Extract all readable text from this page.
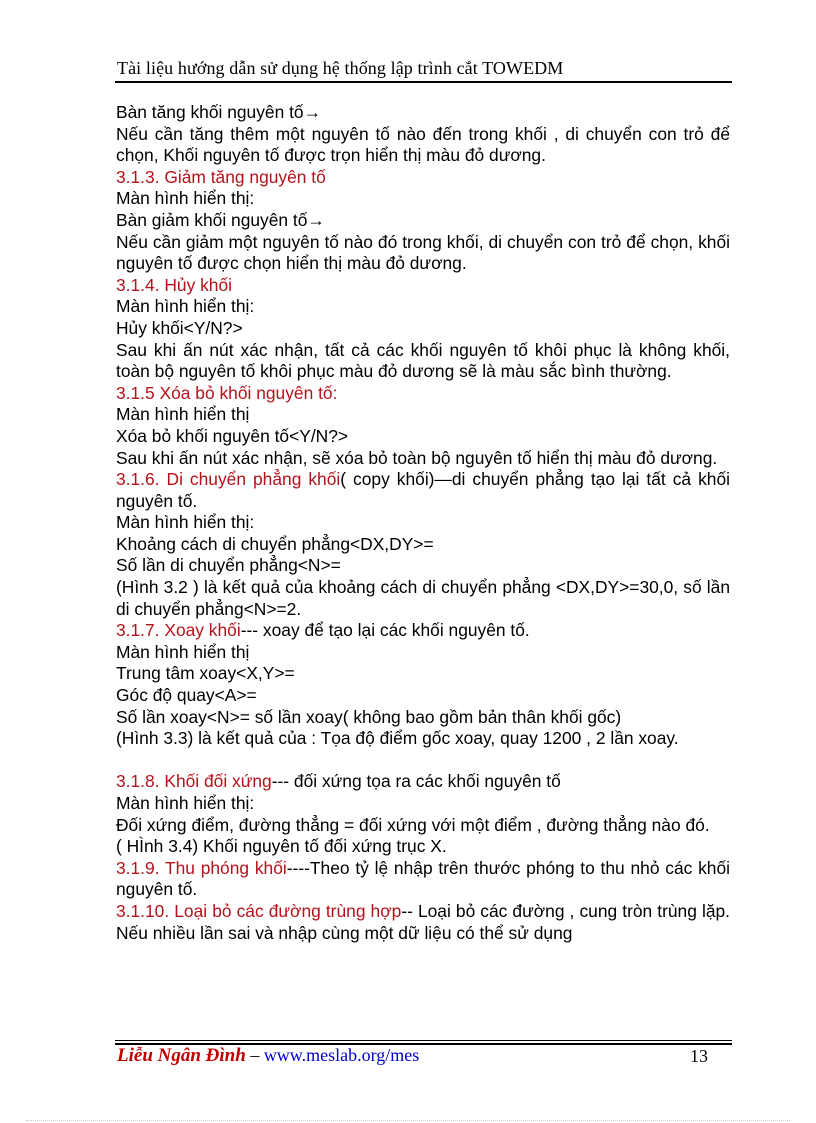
Tài liệu hướng dẫn sử dụng hệ thống lập trình cắt TOWEDM

Bàn tăng khối nguyên tố→

Nếu cần tăng thêm một nguyên tố nào đến trong khối , di chuyển con trỏ để chọn, Khối nguyên tố được trọn hiển thị màu đỏ dương.

3.1.3. Giảm tăng nguyên tố

Màn hình hiển thị:

Bàn giảm khối nguyên tố→

Nếu cần giảm một nguyên tố nào đó trong khối, di chuyển con trỏ để chọn, khối nguyên tố được chọn hiển thị màu đỏ dương.

3.1.4. Hủy khối

Màn hình hiển thị:

Hủy khối<Y/N?>

Sau khi ấn nút xác nhận, tất cả các khối nguyên tố khôi phục là không khối, toàn bộ nguyên tố khôi phục màu đỏ dương sẽ là màu sắc bình thường.

3.1.5 Xóa bỏ khối nguyên tố:

Màn hình hiển thị

Xóa bỏ khối nguyên tố<Y/N?>

Sau khi ấn nút xác nhận, sẽ xóa bỏ toàn bộ nguyên tố hiển thị màu đỏ dương.

3.1.6. Di chuyển phẳng khối( copy khối)—di chuyển phẳng tạo lại tất cả khối nguyên tố.

Màn hình hiển thị:

Khoảng cách di chuyển phẳng<DX,DY>=

Số lần di chuyển phẳng<N>=

(Hình 3.2 ) là kết quả của khoảng cách di chuyển phẳng <DX,DY>=30,0, số lần di chuyển phẳng<N>=2.

3.1.7. Xoay khối--- xoay để tạo lại các khối nguyên tố.

Màn hình hiển thị

Trung tâm xoay<X,Y>=

Góc độ quay<A>=

Số lần xoay<N>= số lần xoay( không bao gồm bản thân khối gốc)

(Hình 3.3) là kết quả của : Tọa độ điểm gốc xoay, quay 1200 , 2 lần xoay.

3.1.8. Khối đối xứng--- đối xứng tọa ra các khối nguyên tố

Màn hình hiển thị:

Đối xứng điểm, đường thẳng = đối xứng với một điểm , đường thẳng nào đó.

( HÌnh 3.4) Khối nguyên tố đối xứng trục X.

3.1.9. Thu phóng khối----Theo tỷ lệ nhập trên thước phóng to thu nhỏ các khối nguyên tố.

3.1.10. Loại bỏ các đường trùng hợp-- Loại bỏ các đường , cung tròn trùng lặp. Nếu nhiều lần sai và nhập cùng một dữ liệu có thể sử dụng

Liễu Ngân Đình – www.meslab.org/mes	13
